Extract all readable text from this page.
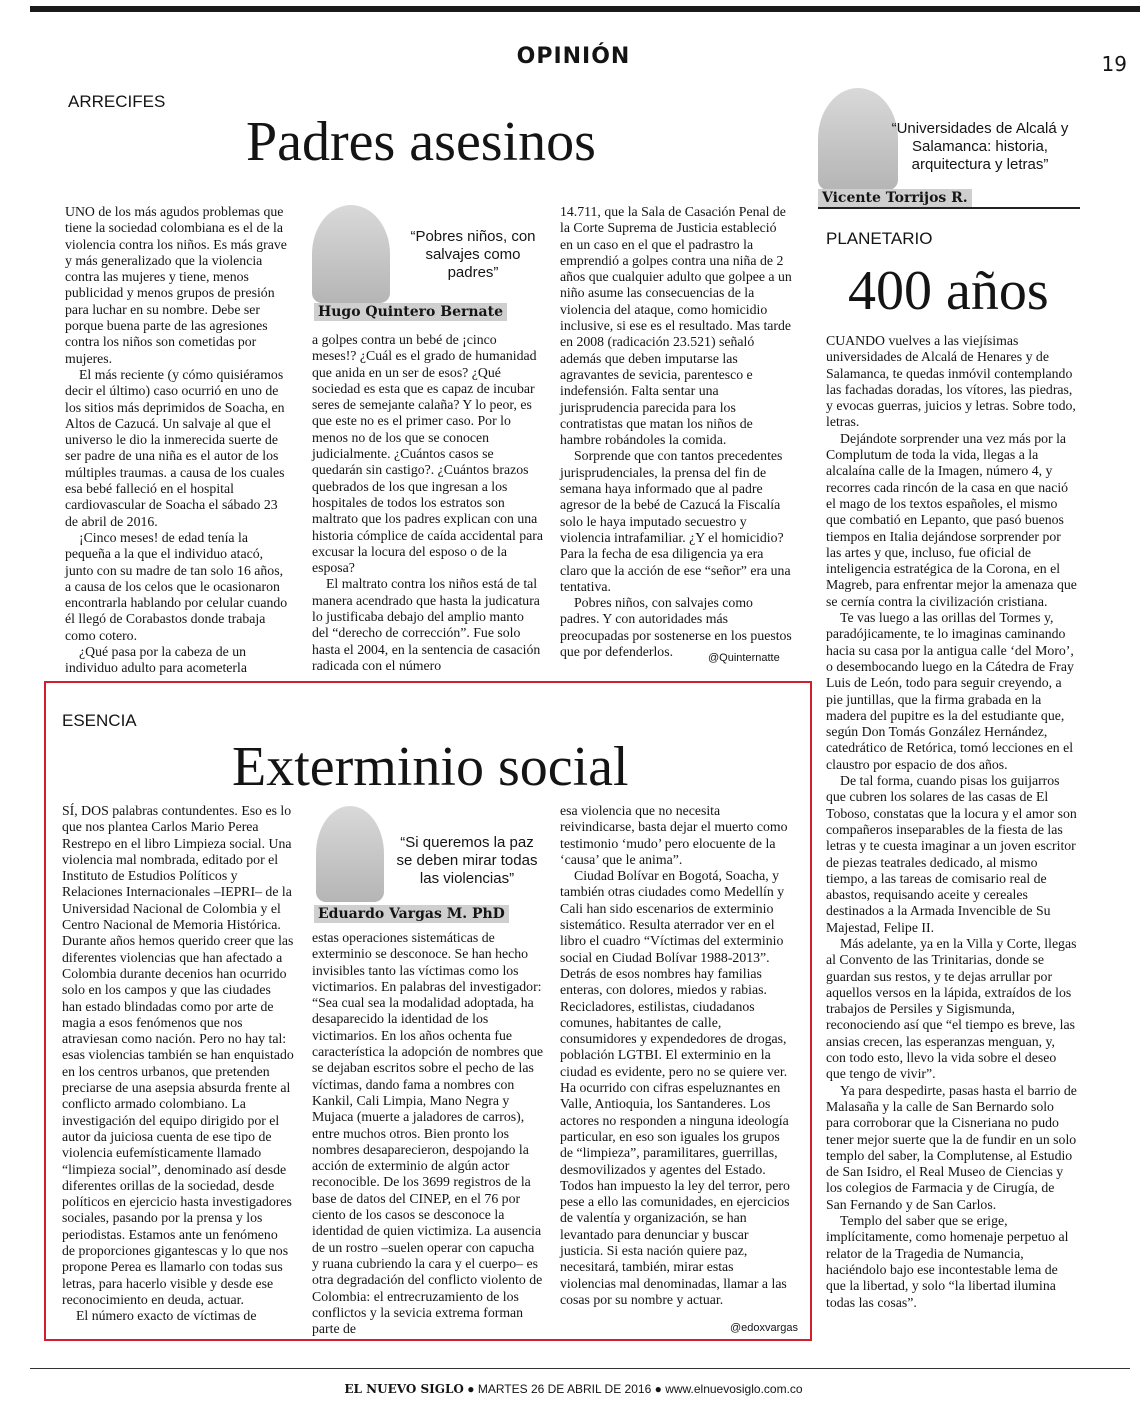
OPINIÓN	19
ARRECIFES
Padres asesinos

UNO de los más agudos problemas que tiene la sociedad colombiana es el de la violencia contra los niños. Es más grave y más generalizado que la violencia contra las mujeres y tiene, menos publicidad y menos grupos de presión para luchar en su nombre. Debe ser porque buena parte de las agresiones contra los niños son cometidas por mujeres.

El más reciente (y cómo quisiéramos decir el último) caso ocurrió en uno de los sitios más deprimidos de Soacha, en Altos de Cazucá. Un salvaje al que el universo le dio la inmerecida suerte de ser padre de una niña es el autor de los múltiples traumas. a causa de los cuales esa bebé falleció en el hospital cardiovascular de Soacha el sábado 23 de abril de 2016.

¡Cinco meses! de edad tenía la pequeña a la que el individuo atacó, junto con su madre de tan solo 16 años, a causa de los celos que le ocasionaron encontrarla hablando por celular cuando él llegó de Corabastos donde trabaja como cotero.

¿Qué pasa por la cabeza de un individuo adulto para acometerla

“Pobres niños, con salvajes como padres”
Hugo Quintero Bernate

a golpes contra un bebé de ¡cinco meses!? ¿Cuál es el grado de humanidad que anida en un ser de esos? ¿Qué sociedad es esta que es capaz de incubar seres de semejante calaña? Y lo peor, es que este no es el primer caso. Por lo menos no de los que se conocen judicialmente. ¿Cuántos casos se quedarán sin castigo?. ¿Cuántos brazos quebrados de los que ingresan a los hospitales de todos los estratos son maltrato que los padres explican con una historia cómplice de caída accidental para excusar la locura del esposo o de la esposa?

El maltrato contra los niños está de tal manera acendrado que hasta la judicatura lo justificaba debajo del amplio manto del “derecho de corrección”. Fue solo hasta el 2004, en la sentencia de casación radicada con el número

14.711, que la Sala de Casación Penal de la Corte Suprema de Justicia estableció en un caso en el que el padrastro la emprendió a golpes contra una niña de 2 años que cualquier adulto que golpee a un niño asume las consecuencias de la violencia del ataque, como homicidio inclusive, si ese es el resultado. Mas tarde en 2008 (radicación 23.521) señaló además que deben imputarse las agravantes de sevicia, parentesco e indefensión. Falta sentar una jurisprudencia parecida para los contratistas que matan los niños de hambre robándoles la comida.

Sorprende que con tantos precedentes jurisprudenciales, la prensa del fin de semana haya informado que al padre agresor de la bebé de Cazucá la Fiscalía solo le haya imputado secuestro y violencia intrafamiliar. ¿Y el homicidio? Para la fecha de esa diligencia ya era claro que la acción de ese “señor” era una tentativa.

Pobres niños, con salvajes como padres. Y con autoridades más preocupadas por sostenerse en los puestos que por defenderlos.	@Quinternatte
ESENCIA
Exterminio social

SÍ, DOS palabras contundentes. Eso es lo que nos plantea Carlos Mario Perea Restrepo en el libro Limpieza social. Una violencia mal nombrada, editado por el Instituto de Estudios Políticos y Relaciones Internacionales –IEPRI– de la Universidad Nacional de Colombia y el Centro Nacional de Memoria Histórica. Durante años hemos querido creer que las diferentes violencias que han afectado a Colombia durante decenios han ocurrido solo en los campos y que las ciudades han estado blindadas como por arte de magia a esos fenómenos que nos atraviesan como nación. Pero no hay tal: esas violencias también se han enquistado en los centros urbanos, que pretenden preciarse de una asepsia absurda frente al conflicto armado colombiano. La investigación del equipo dirigido por el autor da juiciosa cuenta de ese tipo de violencia eufemísticamente llamado “limpieza social”, denominado así desde diferentes orillas de la sociedad, desde políticos en ejercicio hasta investigadores sociales, pasando por la prensa y los periodistas. Estamos ante un fenómeno de proporciones gigantescas y lo que nos propone Perea es llamarlo con todas sus letras, para hacerlo visible y desde ese reconocimiento en deuda, actuar.

El número exacto de víctimas de

“Si queremos la paz se deben mirar todas las violencias”
Eduardo Vargas M. PhD

estas operaciones sistemáticas de exterminio se desconoce. Se han hecho invisibles tanto las víctimas como los victimarios. En palabras del investigador: “Sea cual sea la modalidad adoptada, ha desaparecido la identidad de los victimarios. En los años ochenta fue característica la adopción de nombres que se dejaban escritos sobre el pecho de las víctimas, dando fama a nombres con Kankil, Cali Limpia, Mano Negra y Mujaca (muerte a jaladores de carros), entre muchos otros. Bien pronto los nombres desaparecieron, despojando la acción de exterminio de algún actor reconocible. De los 3699 registros de la base de datos del CINEP, en el 76 por ciento de los casos se desconoce la identidad de quien victimiza. La ausencia de un rostro –suelen operar con capucha y ruana cubriendo la cara y el cuerpo– es otra degradación del conflicto violento de Colombia: el entrecruzamiento de los conflictos y la sevicia extrema forman parte de

esa violencia que no necesita reivindicarse, basta dejar el muerto como testimonio ‘mudo’ pero elocuente de la ‘causa’ que le anima”.

Ciudad Bolívar en Bogotá, Soacha, y también otras ciudades como Medellín y Cali han sido escenarios de exterminio sistemático. Resulta aterrador ver en el libro el cuadro “Víctimas del exterminio social en Ciudad Bolívar 1988-2013”. Detrás de esos nombres hay familias enteras, con dolores, miedos y rabias. Recicladores, estilistas, ciudadanos comunes, habitantes de calle, consumidores y expendedores de drogas, población LGTBI. El exterminio en la ciudad es evidente, pero no se quiere ver. Ha ocurrido con cifras espeluznantes en Valle, Antioquia, los Santanderes. Los actores no responden a ninguna ideología particular, en eso son iguales los grupos de “limpieza”, paramilitares, guerrillas, desmovilizados y agentes del Estado. Todos han impuesto la ley del terror, pero pese a ello las comunidades, en ejercicios de valentía y organización, se han levantado para denunciar y buscar justicia. Si esta nación quiere paz, necesitará, también, mirar estas violencias mal denominadas, llamar a las cosas por su nombre y actuar.

@edoxvargas
“Universidades de Alcalá y Salamanca: historia, arquitectura y letras”
Vicente Torrijos R.
PLANETARIO
400 años

CUANDO vuelves a las viejísimas universidades de Alcalá de Henares y de Salamanca, te quedas inmóvil contemplando las fachadas doradas, los vítores, las piedras, y evocas guerras, juicios y letras. Sobre todo, letras.

Dejándote sorprender una vez más por la Complutum de toda la vida, llegas a la alcalaína calle de la Imagen, número 4, y recorres cada rincón de la casa en que nació el mago de los textos españoles, el mismo que combatió en Lepanto, que pasó buenos tiempos en Italia dejándose sorprender por las artes y que, incluso, fue oficial de inteligencia estratégica de la Corona, en el Magreb, para enfrentar mejor la amenaza que se cernía contra la civilización cristiana.

Te vas luego a las orillas del Tormes y, paradójicamente, te lo imaginas caminando hacia su casa por la antigua calle ‘del Moro’, o desembocando luego en la Cátedra de Fray Luis de León, todo para seguir creyendo, a pie juntillas, que la firma grabada en la madera del pupitre es la del estudiante que, según Don Tomás González Hernández, catedrático de Retórica, tomó lecciones en el claustro por espacio de dos años.

De tal forma, cuando pisas los guijarros que cubren los solares de las casas de El Toboso, constatas que la locura y el amor son compañeros inseparables de la fiesta de las letras y te cuesta imaginar a un joven escritor de piezas teatrales dedicado, al mismo tiempo, a las tareas de comisario real de abastos, requisando aceite y cereales destinados a la Armada Invencible de Su Majestad, Felipe II.

Más adelante, ya en la Villa y Corte, llegas al Convento de las Trinitarias, donde se guardan sus restos, y te dejas arrullar por aquellos versos en la lápida, extraídos de los trabajos de Persiles y Sigismunda, reconociendo así que “el tiempo es breve, las ansias crecen, las esperanzas menguan, y, con todo esto, llevo la vida sobre el deseo que tengo de vivir”.

Ya para despedirte, pasas hasta el barrio de Malasaña y la calle de San Bernardo solo para corroborar que la Cisneriana no pudo tener mejor suerte que la de fundir en un solo templo del saber, la Complutense, al Estudio de San Isidro, el Real Museo de Ciencias y los colegios de Farmacia y de Cirugía, de San Fernando y de San Carlos.

Templo del saber que se erige, implícitamente, como homenaje perpetuo al relator de la Tragedia de Numancia, haciéndolo bajo ese incontestable lema de que la libertad, y solo “la libertad ilumina todas las cosas”.

EL NUEVO SIGLO ● MARTES 26 DE ABRIL DE 2016 ● www.elnuevosiglo.com.co
